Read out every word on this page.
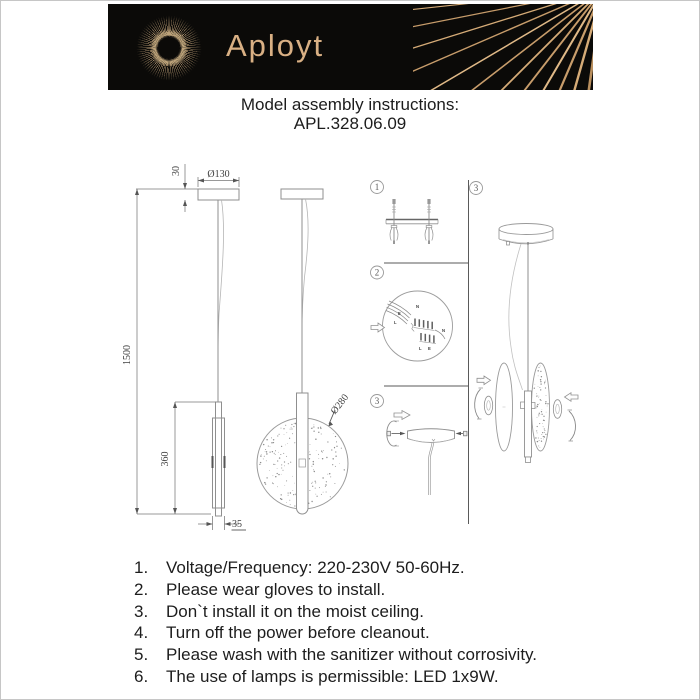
Aployt
Model assembly instructions:
APL.328.06.09
30	Ø130
1500
360
35
Ø280
1
2
3
3
N
E
L
L E
N
1.	Voltage/Frequency: 220-230V 50-60Hz.
2.	Please wear gloves to install.
3.	Don`t install it on the moist ceiling.
4.	Turn off the power before cleanout.
5.	Please wash with the sanitizer without corrosivity.
6.	The use of lamps is permissible: LED 1x9W.
